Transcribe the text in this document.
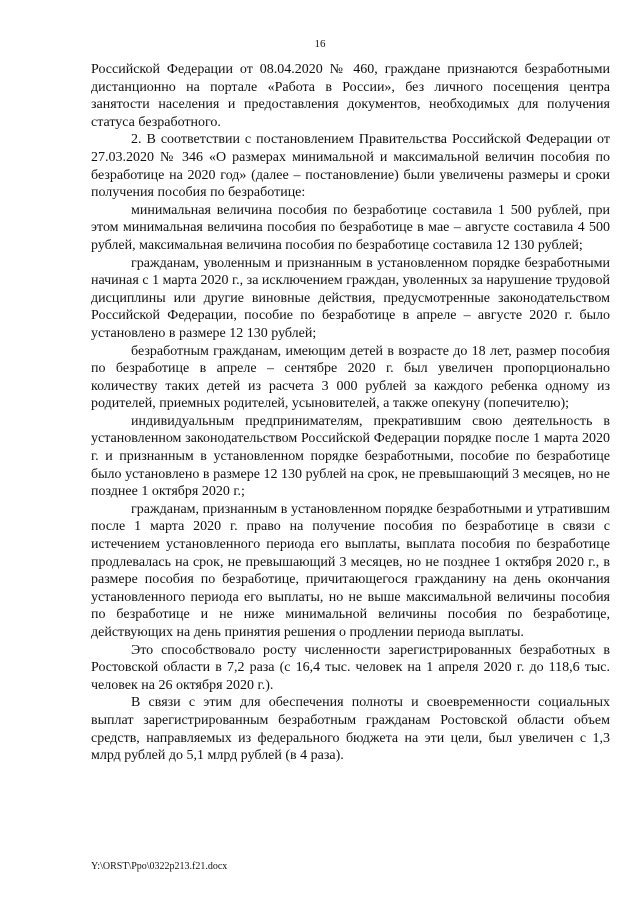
16

Российской Федерации от 08.04.2020 № 460, граждане признаются безработными дистанционно на портале «Работа в России», без личного посещения центра занятости населения и предоставления документов, необходимых для получения статуса безработного.

2. В соответствии с постановлением Правительства Российской Федерации от 27.03.2020 № 346 «О размерах минимальной и максимальной величин пособия по безработице на 2020 год» (далее – постановление) были увеличены размеры и сроки получения пособия по безработице:

минимальная величина пособия по безработице составила 1 500 рублей, при этом минимальная величина пособия по безработице в мае – августе составила 4 500 рублей, максимальная величина пособия по безработице составила 12 130 рублей;

гражданам, уволенным и признанным в установленном порядке безработными начиная с 1 марта 2020 г., за исключением граждан, уволенных за нарушение трудовой дисциплины или другие виновные действия, предусмотренные законодательством Российской Федерации, пособие по безработице в апреле – августе 2020 г. было установлено в размере 12 130 рублей;

безработным гражданам, имеющим детей в возрасте до 18 лет, размер пособия по безработице в апреле – сентябре 2020 г. был увеличен пропорционально количеству таких детей из расчета 3 000 рублей за каждого ребенка одному из родителей, приемных родителей, усыновителей, а также опекуну (попечителю);

индивидуальным предпринимателям, прекратившим свою деятельность в установленном законодательством Российской Федерации порядке после 1 марта 2020 г. и признанным в установленном порядке безработными, пособие по безработице было установлено в размере 12 130 рублей на срок, не превышающий 3 месяцев, но не позднее 1 октября 2020 г.;

гражданам, признанным в установленном порядке безработными и утратившим после 1 марта 2020 г. право на получение пособия по безработице в связи с истечением установленного периода его выплаты, выплата пособия по безработице продлевалась на срок, не превышающий 3 месяцев, но не позднее 1 октября 2020 г., в размере пособия по безработице, причитающегося гражданину на день окончания установленного периода его выплаты, но не выше максимальной величины пособия по безработице и не ниже минимальной величины пособия по безработице, действующих на день принятия решения о продлении периода выплаты.

Это способствовало росту численности зарегистрированных безработных в Ростовской области в 7,2 раза (с 16,4 тыс. человек на 1 апреля 2020 г. до 118,6 тыс. человек на 26 октября 2020 г.).

В связи с этим для обеспечения полноты и своевременности социальных выплат зарегистрированным безработным гражданам Ростовской области объем средств, направляемых из федерального бюджета на эти цели, был увеличен с 1,3 млрд рублей до 5,1 млрд рублей (в 4 раза).

Y:\ORST\Ppo\0322p213.f21.docx
